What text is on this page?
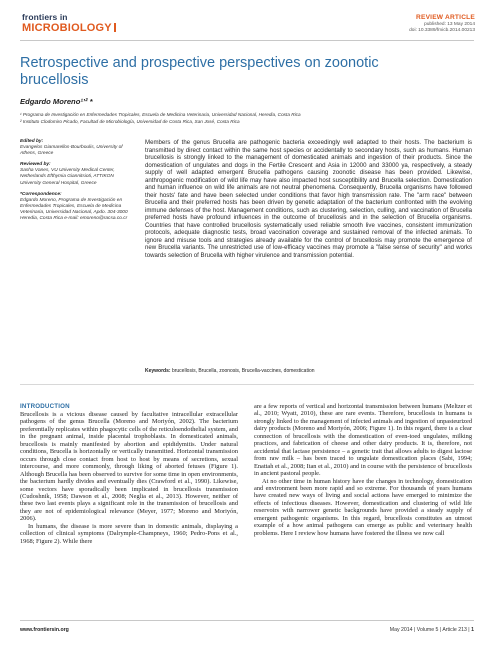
frontiers in
MICROBIOLOGY
REVIEW ARTICLE
published: 13 May 2014
doi: 10.3389/fmicb.2014.00213
Retrospective and prospective perspectives on zoonotic brucellosis
Edgardo Moreno¹ʼ² *
¹ Programa de Investigación en Enfermedades Tropicales, Escuela de Medicina Veterinaria, Universidad Nacional, Heredia, Costa Rica
² Instituto Clodomiro Picado, Facultad de Microbiología, Universidad de Costa Rica, San José, Costa Rica
Edited by:
Evangelos Giamarellos-Bourboulis, University of Athens, Greece
Reviewed by:
Sasha Vanes, VU University Medical Center, Netherlands Efthymia Giannitsioti, ATTIKON University General Hospital, Greece
*Correspondence:
Edgardo Moreno, Programa de Investigación en Enfermedades Tropicales, Escuela de Medicina Veterinaria, Universidad Nacional, Apdo. 304-3000 Heredia, Costa Rica e-mail: emoreno@racsa.co.cr
Members of the genus Brucella are pathogenic bacteria exceedingly well adapted to their hosts. The bacterium is transmitted by direct contact within the same host species or accidentally to secondary hosts, such as humans. Human brucellosis is strongly linked to the management of domesticated animals and ingestion of their products. Since the domestication of ungulates and dogs in the Fertile Crescent and Asia in 12000 and 33000 ya, respectively, a steady supply of well adapted emergent Brucella pathogens causing zoonotic disease has been provided. Likewise, anthropogenic modification of wild life may have also impacted host susceptibility and Brucella selection. Domestication and human influence on wild life animals are not neutral phenomena. Consequently, Brucella organisms have followed their hosts' fate and have been selected under conditions that favor high transmission rate. The "arm race" between Brucella and their preferred hosts has been driven by genetic adaptation of the bacterium confronted with the evolving immune defenses of the host. Management conditions, such as clustering, selection, culling, and vaccination of Brucella preferred hosts have profound influences in the outcome of brucellosis and in the selection of Brucella organisms. Countries that have controlled brucellosis systematically used reliable smooth live vaccines, consistent immunization protocols, adequate diagnostic tests, broad vaccination coverage and sustained removal of the infected animals. To ignore and misuse tools and strategies already available for the control of brucellosis may promote the emergence of new Brucella variants. The unrestricted use of low-efficacy vaccines may promote a "false sense of security" and works towards selection of Brucella with higher virulence and transmission potential.
Keywords: brucellosis, Brucella, zoonosis, Brucella-vaccines, domestication
INTRODUCTION

Brucellosis is a vicious disease caused by facultative intracellular extracellular pathogens of the genus Brucella (Moreno and Moriyón, 2002). The bacterium preferentially replicates within phagocytic cells of the reticuloendothelial system, and in the pregnant animal, inside placental trophoblasts. In domesticated animals, brucellosis is mainly manifested by abortion and epididymitis. Under natural conditions, Brucella is horizontally or vertically transmitted. Horizontal transmission occurs through close contact from host to host by means of secretions, sexual intercourse, and more commonly, through liking of aborted fetuses (Figure 1). Although Brucella has been observed to survive for some time in open environments, the bacterium hardly divides and eventually dies (Crawford et al., 1990). Likewise, some vectors have sporadically been implicated in brucellosis transmission (Cudoshnik, 1958; Dawson et al., 2008; Neglia et al., 2013). However, neither of these two last events plays a significant role in the transmission of brucellosis and they are not of epidemiological relevance (Meyer, 1977; Moreno and Moriyón, 2006).

In humans, the disease is more severe than in domestic animals, displaying a collection of clinical symptoms (Dalrymple-Champneys, 1960; Pedro-Pons et al., 1968; Figure 2). While there

are a few reports of vertical and horizontal transmission between humans (Meltzer et al., 2010; Wyatt, 2010), these are rare events. Therefore, brucellosis in humans is strongly linked to the management of infected animals and ingestion of unpasteurized dairy products (Moreno and Moriyón, 2006; Figure 1). In this regard, there is a clear connection of brucellosis with the domestication of even-toed ungulates, milking practices, and fabrication of cheese and other dairy products. It is, therefore, not accidental that lactase persistence – a genetic trait that allows adults to digest lactose from raw milk – has been traced to ungulate domestication places (Sabi, 1994; Enattah et al., 2008; Itan et al., 2010) and in course with the persistence of brucellosis in ancient pastoral people.

At no other time in human history have the changes in technology, domestication and environment been more rapid and so extreme. For thousands of years humans have created new ways of living and social actions have emerged to minimize the effects of infectious diseases. However, domestication and clustering of wild life reservoirs with narrower genetic backgrounds have provided a steady supply of emergent pathogenic organisms. In this regard, brucellosis constitutes an utmost example of a how animal pathogens can emerge as public and veterinary health problems. Here I review how humans have fostered the illness we now call

www.frontiersin.org	May 2014 | Volume 5 | Article 213 | 1
